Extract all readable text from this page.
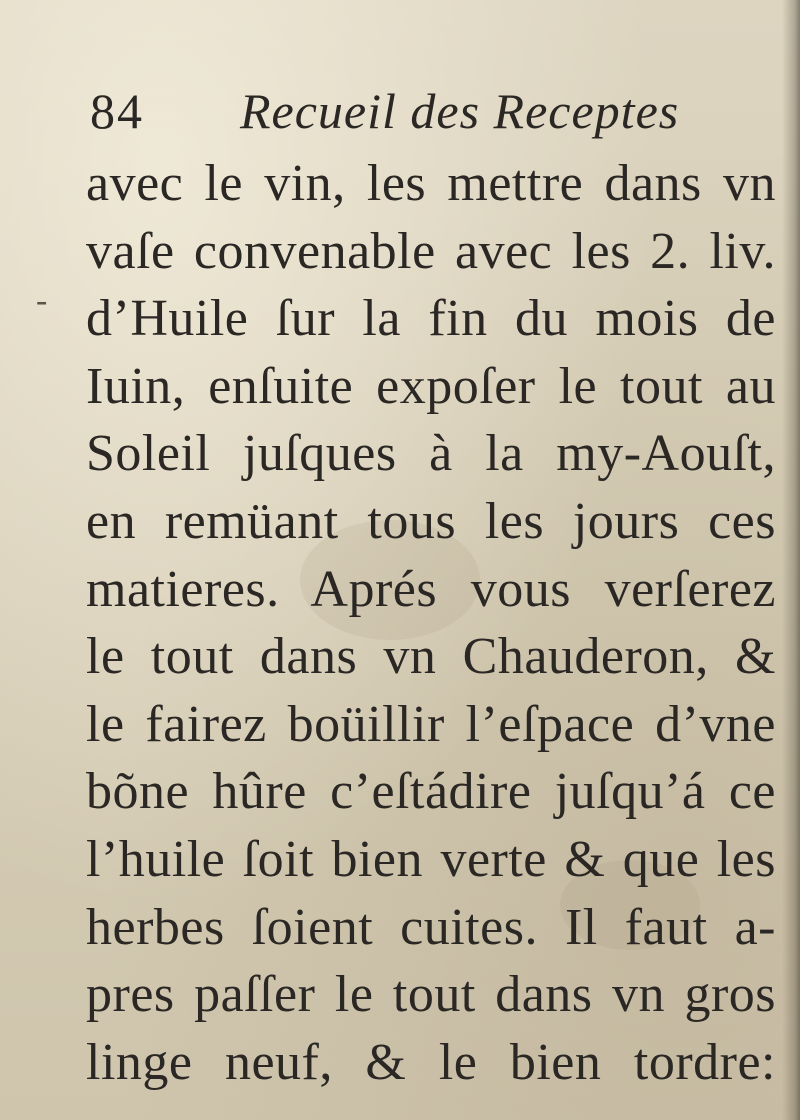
84 Recueil des Receptes
-
avec le vin, les mettre dans vn
vaſe convenable avec les 2. liv.
d’Huile ſur la fin du mois de
Iuin, enſuite expoſer le tout au
Soleil juſques à la my-Aouſt,
en remüant tous les jours ces
matieres. Aprés vous verſerez
le tout dans vn Chauderon, &
le fairez boüillir l’eſpace d’vne
bõne hûre c’eſtádire juſqu’á ce
l’huile ſoit bien verte & que les
herbes ſoient cuites. Il faut a-
pres paſſer le tout dans vn gros
linge neuf, & le bien tordre:
